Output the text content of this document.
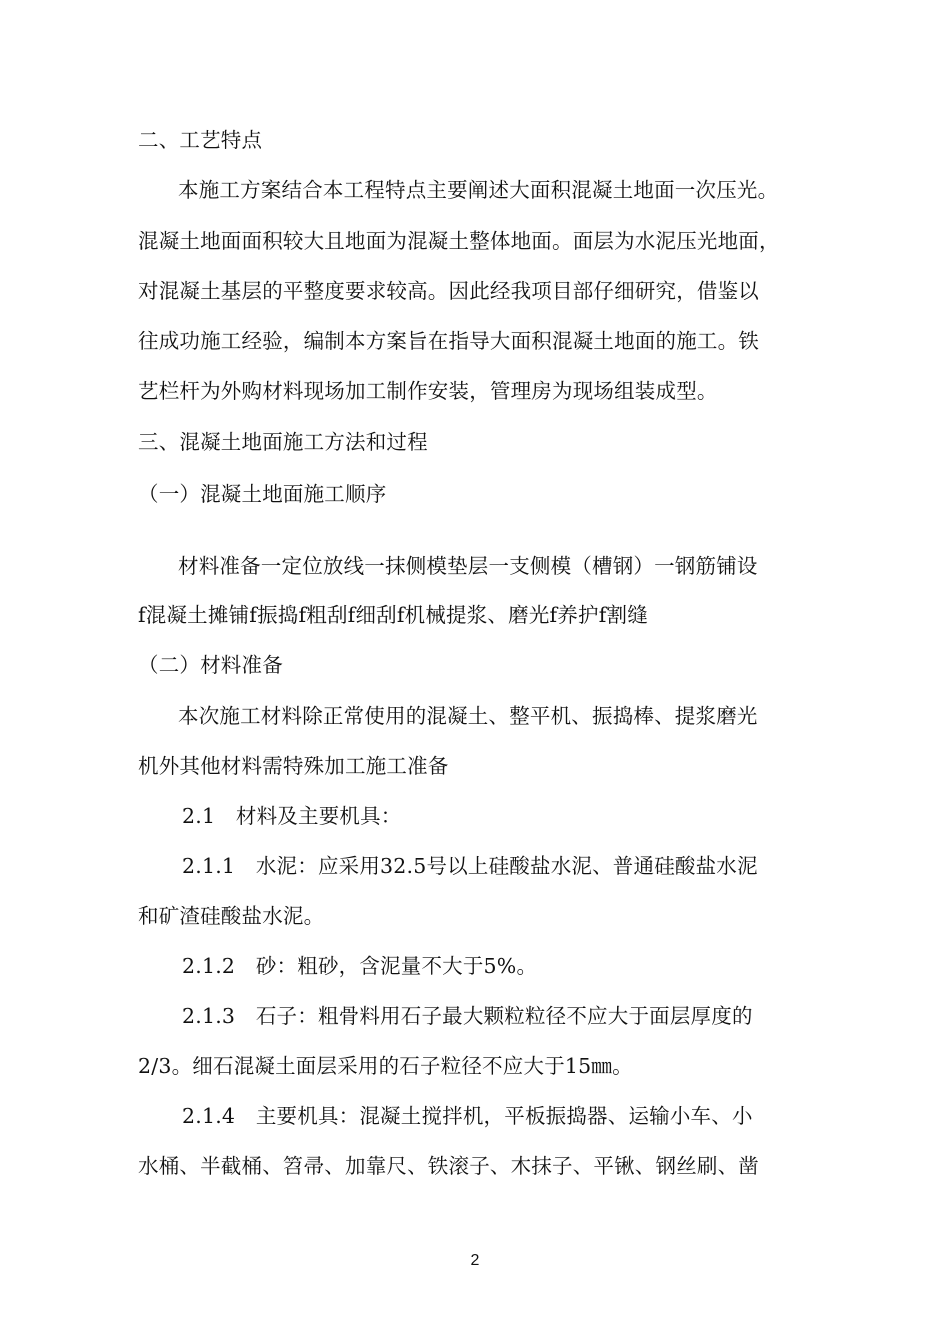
二、工艺特点
本施工方案结合本工程特点主要阐述大面积混凝土地面一次压光。
混凝土地面面积较大且地面为混凝土整体地面。面层为水泥压光地面，
对混凝土基层的平整度要求较高。因此经我项目部仔细研究，借鉴以
往成功施工经验，编制本方案旨在指导大面积混凝土地面的施工。铁
艺栏杆为外购材料现场加工制作安装，管理房为现场组装成型。
三、混凝土地面施工方法和过程
（一）混凝土地面施工顺序
材料准备一定位放线一抹侧模垫层一支侧模（槽钢）一钢筋铺设
f混凝土摊铺f振捣f粗刮f细刮f机械提浆、磨光f养护f割缝
（二）材料准备
本次施工材料除正常使用的混凝土、整平机、振捣棒、提浆磨光
机外其他材料需特殊加工施工准备
2.1　材料及主要机具：
2.1.1　水泥：应采用32.5号以上硅酸盐水泥、普通硅酸盐水泥
和矿渣硅酸盐水泥。
2.1.2　砂：粗砂，含泥量不大于5%。
2.1.3　石子：粗骨料用石子最大颗粒粒径不应大于面层厚度的
2/3。细石混凝土面层采用的石子粒径不应大于15㎜。
2.1.4　主要机具：混凝土搅拌机，平板振捣器、运输小车、小
水桶、半截桶、笤帚、加靠尺、铁滚子、木抹子、平锹、钢丝刷、凿
2
